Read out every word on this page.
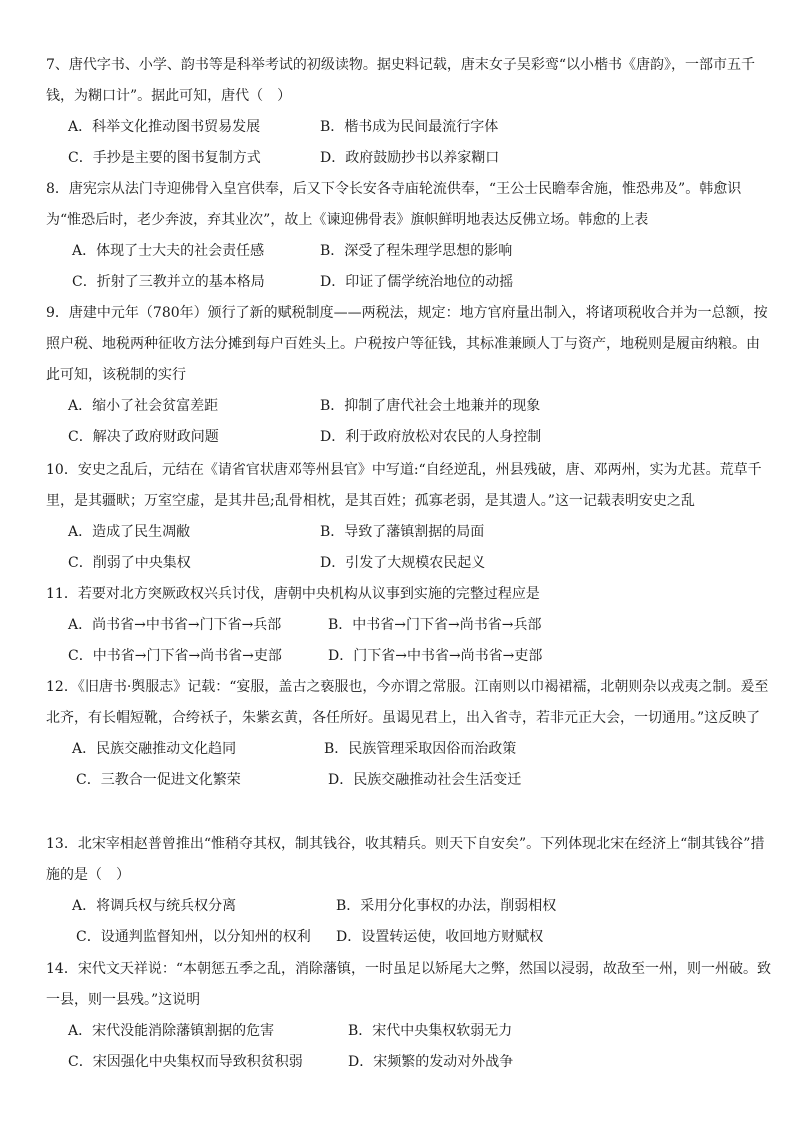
7、唐代字书、小学、韵书等是科举考试的初级读物。据史料记载，唐末女子吴彩鸾“以小楷书《唐韵》，一部市五千钱，为糊口计”。据此可知，唐代（　）

A．科举文化推动图书贸易发展	B．楷书成为民间最流行字体
C．手抄是主要的图书复制方式	D．政府鼓励抄书以养家糊口

8．唐宪宗从法门寺迎佛骨入皇宫供奉，后又下令长安各寺庙轮流供奉，“王公士民瞻奉舍施，惟恐弗及”。韩愈识为“惟恐后时，老少奔波，弃其业次”，故上《谏迎佛骨表》旗帜鲜明地表达反佛立场。韩愈的上表

A．体现了士大夫的社会责任感	B．深受了程朱理学思想的影响
C．折射了三教并立的基本格局	D．印证了儒学统治地位的动摇

9．唐建中元年（780年）颁行了新的赋税制度——两税法，规定：地方官府量出制入，将诸项税收合并为一总额，按照户税、地税两种征收方法分摊到每户百姓头上。户税按户等征钱，其标准兼顾人丁与资产，地税则是履亩纳粮。由此可知，该税制的实行

A．缩小了社会贫富差距	B．抑制了唐代社会土地兼并的现象
C．解决了政府财政问题	D．利于政府放松对农民的人身控制

10．安史之乱后，元结在《请省官状唐邓等州县官》中写道:“自经逆乱，州县残破，唐、邓两州，实为尤甚。荒草千里，是其疆畎；万室空虚，是其井邑;乱骨相枕，是其百姓；孤寡老弱，是其遗人。”这一记载表明安史之乱

A．造成了民生凋敝	B．导致了藩镇割据的局面
C．削弱了中央集权	D．引发了大规模农民起义

11．若要对北方突厥政权兴兵讨伐，唐朝中央机构从议事到实施的完整过程应是

A．尚书省→中书省→门下省→兵部	B．中书省→门下省→尚书省→兵部
C．中书省→门下省→尚书省→吏部	D．门下省→中书省→尚书省→吏部

12．《旧唐书·舆服志》记载：“宴服，盖古之亵服也，今亦谓之常服。江南则以巾褐裙襦，北朝则杂以戎夷之制。爰至北齐，有长帽短靴，合绔袄子，朱紫玄黄，各任所好。虽谒见君上，出入省寺，若非元正大会，一切通用。”这反映了

A．民族交融推动文化趋同	B．民族管理采取因俗而治政策
C．三教合一促进文化繁荣	D．民族交融推动社会生活变迁

13．北宋宰相赵普曾推出“惟稍夺其权，制其钱谷，收其精兵。则天下自安矣”。下列体现北宋在经济上“制其钱谷”措施的是（　）

A．将调兵权与统兵权分离	B．采用分化事权的办法，削弱相权
C．设通判监督知州，以分知州的权利 D．设置转运使，收回地方财赋权

14．宋代文天祥说：“本朝惩五季之乱，消除藩镇，一时虽足以矫尾大之弊，然国以浸弱，故敌至一州，则一州破。致一县，则一县残。”这说明

A．宋代没能消除藩镇割据的危害	B．宋代中央集权软弱无力
C．宋因强化中央集权而导致积贫积弱	D．宋频繁的发动对外战争
